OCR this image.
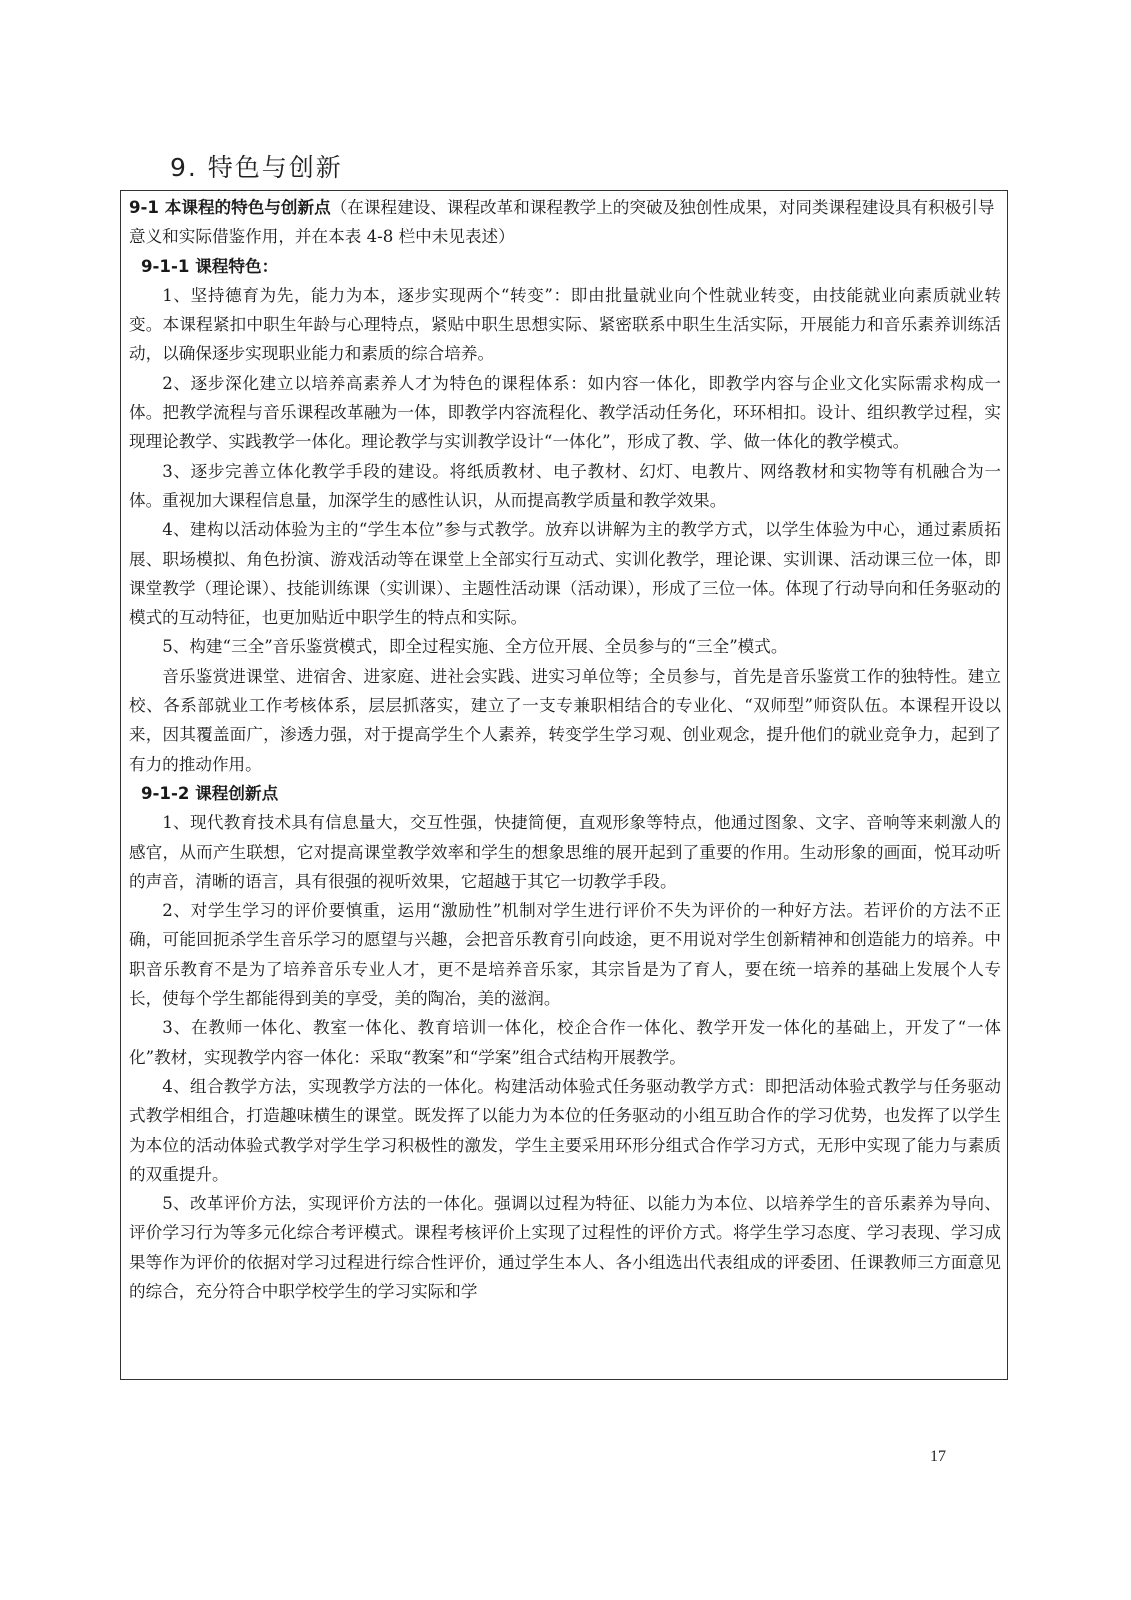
9. 特色与创新

9-1 本课程的特色与创新点（在课程建设、课程改革和课程教学上的突破及独创性成果，对同类课程建设具有积极引导意义和实际借鉴作用，并在本表 4-8 栏中未见表述）

9-1-1 课程特色：

1、坚持德育为先，能力为本，逐步实现两个“转变”：即由批量就业向个性就业转变，由技能就业向素质就业转变。本课程紧扣中职生年龄与心理特点，紧贴中职生思想实际、紧密联系中职生生活实际，开展能力和音乐素养训练活动，以确保逐步实现职业能力和素质的综合培养。

2、逐步深化建立以培养高素养人才为特色的课程体系：如内容一体化，即教学内容与企业文化实际需求构成一体。把教学流程与音乐课程改革融为一体，即教学内容流程化、教学活动任务化，环环相扣。设计、组织教学过程，实现理论教学、实践教学一体化。理论教学与实训教学设计“一体化”，形成了教、学、做一体化的教学模式。

3、逐步完善立体化教学手段的建设。将纸质教材、电子教材、幻灯、电教片、网络教材和实物等有机融合为一体。重视加大课程信息量，加深学生的感性认识，从而提高教学质量和教学效果。

4、建构以活动体验为主的“学生本位”参与式教学。放弃以讲解为主的教学方式，以学生体验为中心，通过素质拓展、职场模拟、角色扮演、游戏活动等在课堂上全部实行互动式、实训化教学，理论课、实训课、活动课三位一体，即课堂教学（理论课）、技能训练课（实训课）、主题性活动课（活动课），形成了三位一体。体现了行动导向和任务驱动的模式的互动特征，也更加贴近中职学生的特点和实际。

5、构建“三全”音乐鉴赏模式，即全过程实施、全方位开展、全员参与的“三全”模式。

音乐鉴赏进课堂、进宿舍、进家庭、进社会实践、进实习单位等；全员参与，首先是音乐鉴赏工作的独特性。建立校、各系部就业工作考核体系，层层抓落实，建立了一支专兼职相结合的专业化、“双师型”师资队伍。本课程开设以来，因其覆盖面广，渗透力强，对于提高学生个人素养，转变学生学习观、创业观念，提升他们的就业竞争力，起到了有力的推动作用。

9-1-2 课程创新点

1、现代教育技术具有信息量大，交互性强，快捷简便，直观形象等特点，他通过图象、文字、音响等来刺激人的感官，从而产生联想，它对提高课堂教学效率和学生的想象思维的展开起到了重要的作用。生动形象的画面，悦耳动听的声音，清晰的语言，具有很强的视听效果，它超越于其它一切教学手段。

2、对学生学习的评价要慎重，运用“激励性”机制对学生进行评价不失为评价的一种好方法。若评价的方法不正确，可能回扼杀学生音乐学习的愿望与兴趣，会把音乐教育引向歧途，更不用说对学生创新精神和创造能力的培养。中职音乐教育不是为了培养音乐专业人才，更不是培养音乐家，其宗旨是为了育人，要在统一培养的基础上发展个人专长，使每个学生都能得到美的享受，美的陶冶，美的滋润。

3、在教师一体化、教室一体化、教育培训一体化，校企合作一体化、教学开发一体化的基础上，开发了“一体化”教材，实现教学内容一体化：采取“教案”和“学案”组合式结构开展教学。

4、组合教学方法，实现教学方法的一体化。构建活动体验式任务驱动教学方式：即把活动体验式教学与任务驱动式教学相组合，打造趣味横生的课堂。既发挥了以能力为本位的任务驱动的小组互助合作的学习优势，也发挥了以学生为本位的活动体验式教学对学生学习积极性的激发，学生主要采用环形分组式合作学习方式，无形中实现了能力与素质的双重提升。

5、改革评价方法，实现评价方法的一体化。强调以过程为特征、以能力为本位、以培养学生的音乐素养为导向、评价学习行为等多元化综合考评模式。课程考核评价上实现了过程性的评价方式。将学生学习态度、学习表现、学习成果等作为评价的依据对学习过程进行综合性评价，通过学生本人、各小组选出代表组成的评委团、任课教师三方面意见的综合，充分符合中职学校学生的学习实际和学

17
